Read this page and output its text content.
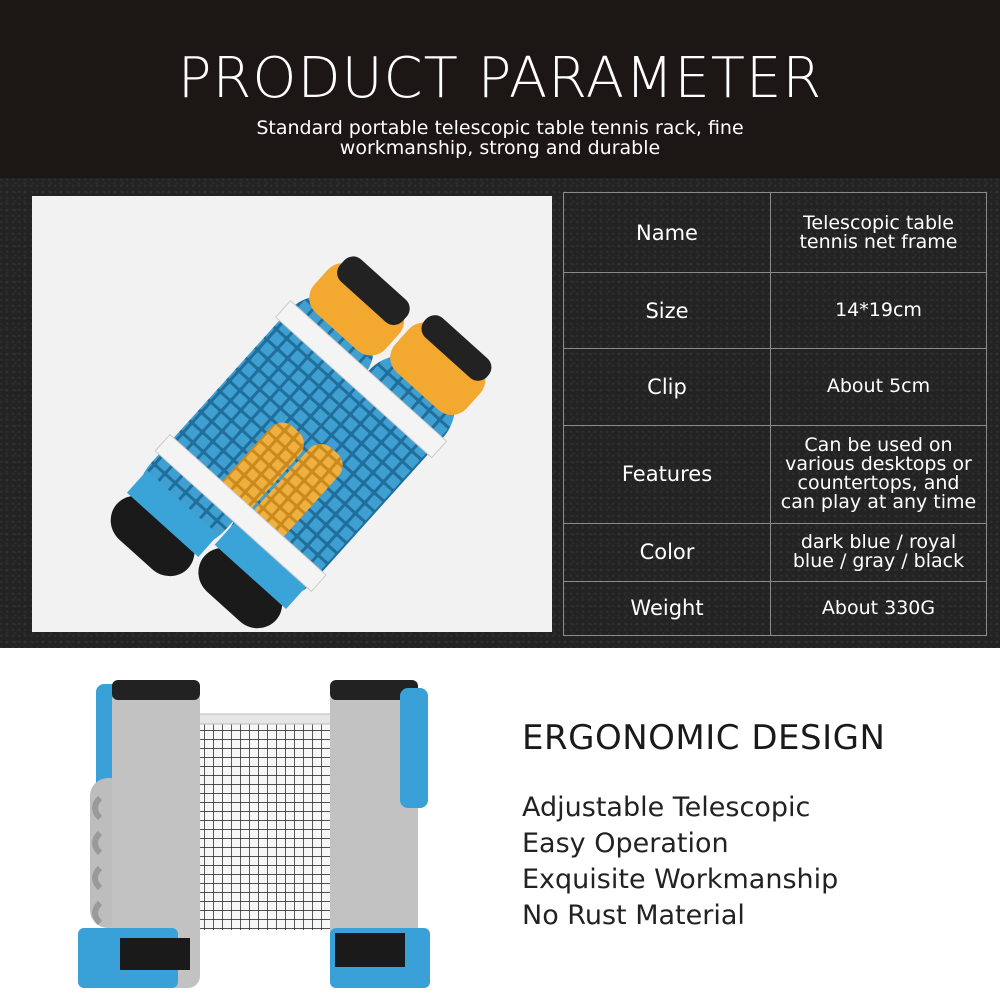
PRODUCT PARAMETER
Standard portable telescopic table tennis rack, fine workmanship, strong and durable
Name	Telescopic table tennis net frame
Size	14*19cm
Clip	About 5cm
Features	Can be used on various desktops or countertops, and can play at any time
Color	dark blue / royal blue / gray / black
Weight	About 330G
ERGONOMIC DESIGN
Adjustable Telescopic
Easy Operation
Exquisite Workmanship
No Rust Material
